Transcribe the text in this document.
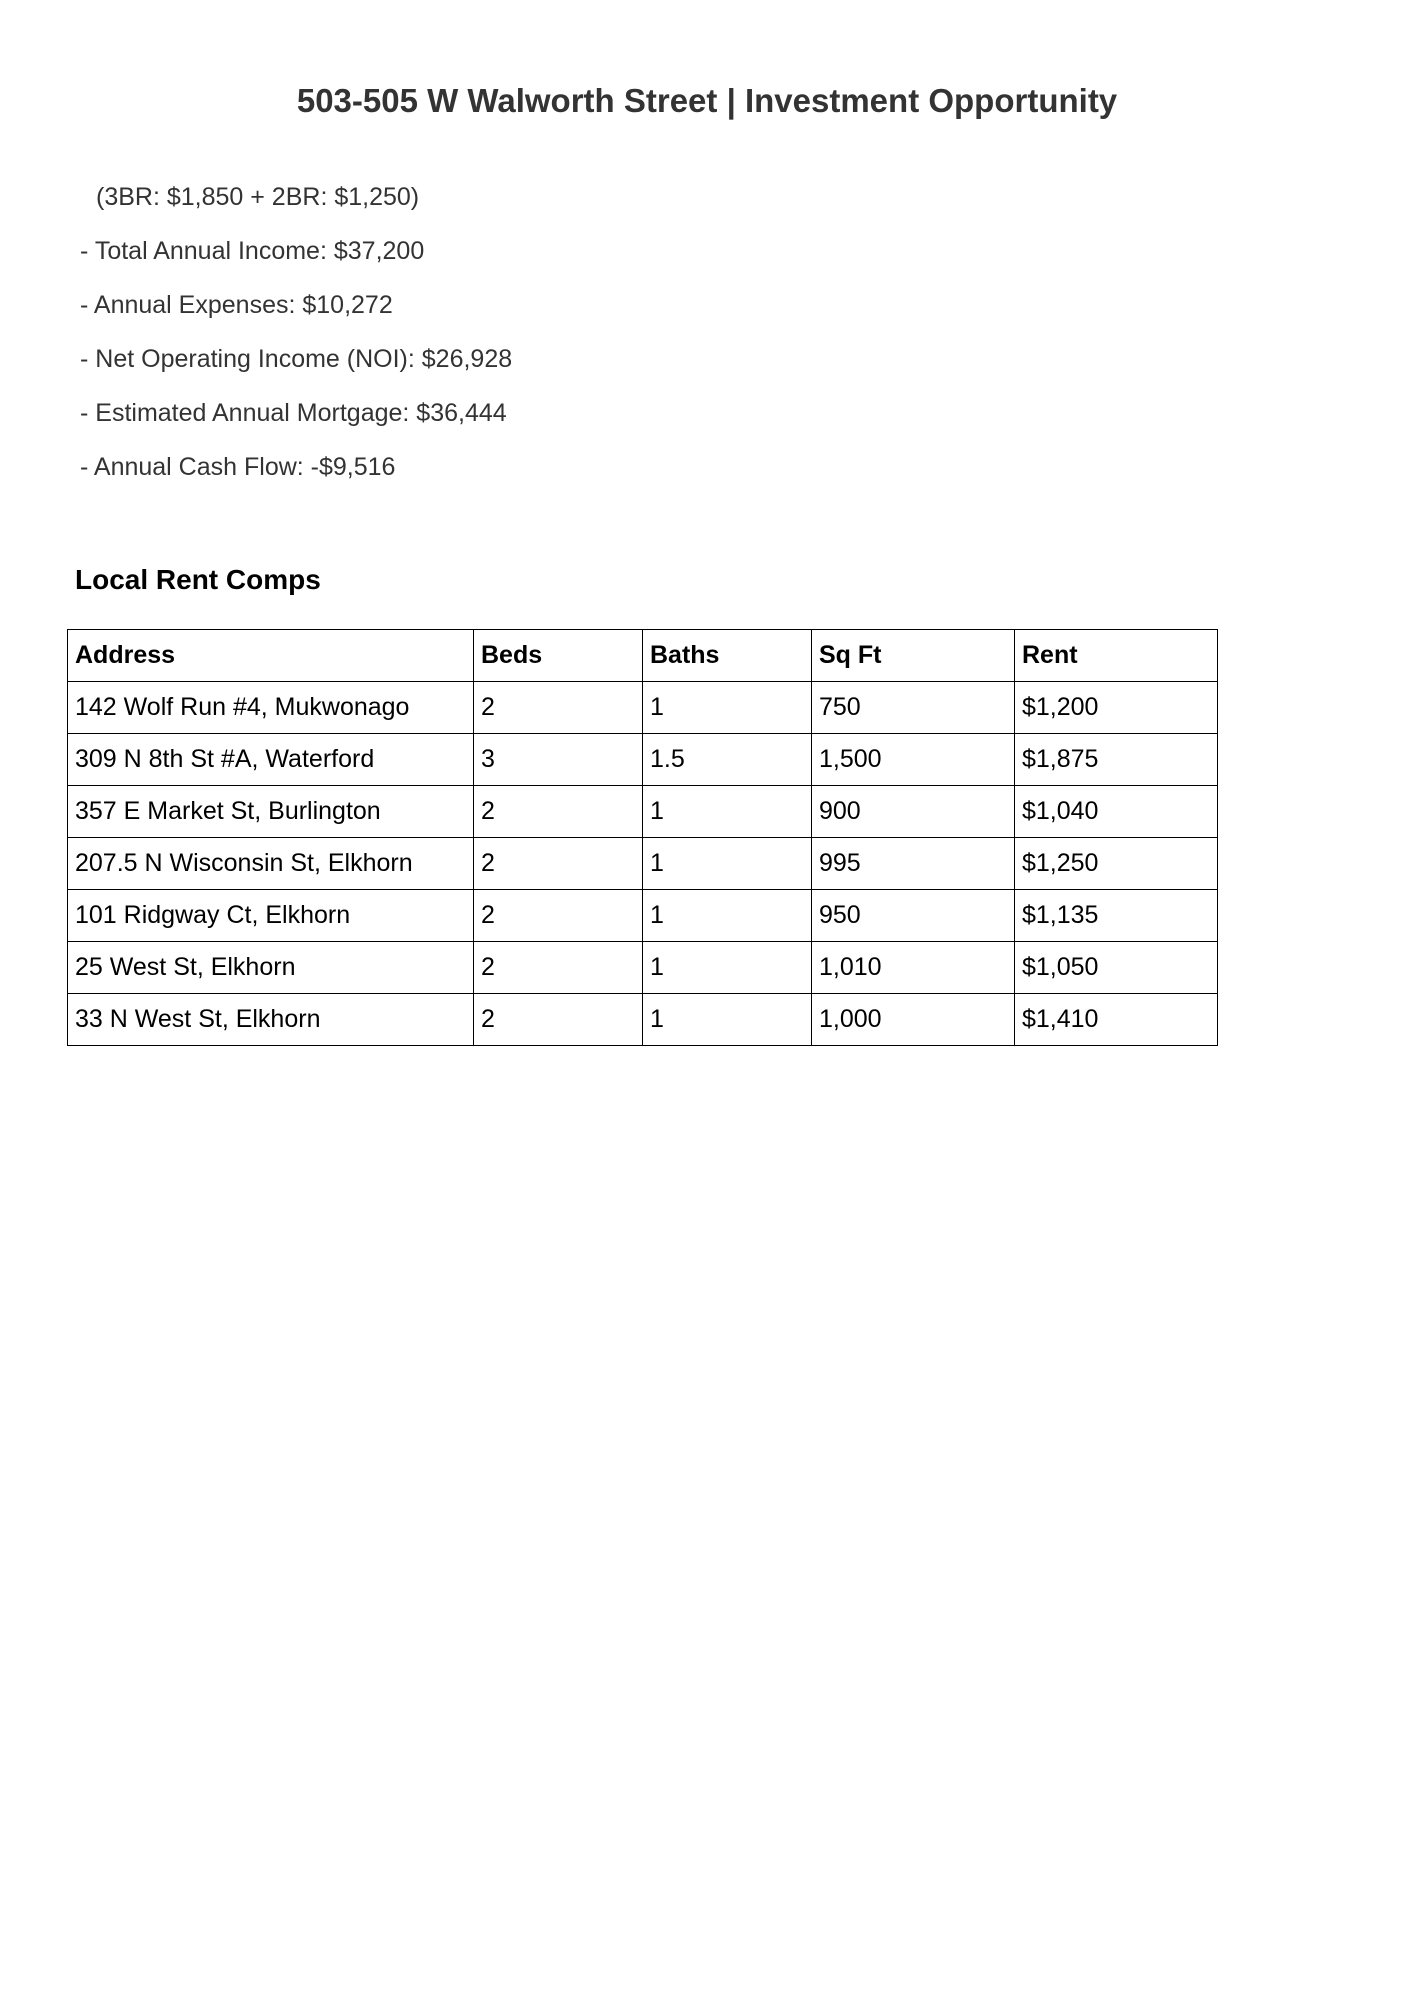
503-505 W Walworth Street | Investment Opportunity
(3BR: $1,850 + 2BR: $1,250)
- Total Annual Income: $37,200
- Annual Expenses: $10,272
- Net Operating Income (NOI): $26,928
- Estimated Annual Mortgage: $36,444
- Annual Cash Flow: -$9,516
Local Rent Comps
Address	Beds	Baths	Sq Ft	Rent
142 Wolf Run #4, Mukwonago	2	1	750	$1,200
309 N 8th St #A, Waterford	3	1.5	1,500	$1,875
357 E Market St, Burlington	2	1	900	$1,040
207.5 N Wisconsin St, Elkhorn	2	1	995	$1,250
101 Ridgway Ct, Elkhorn	2	1	950	$1,135
25 West St, Elkhorn	2	1	1,010	$1,050
33 N West St, Elkhorn	2	1	1,000	$1,410
